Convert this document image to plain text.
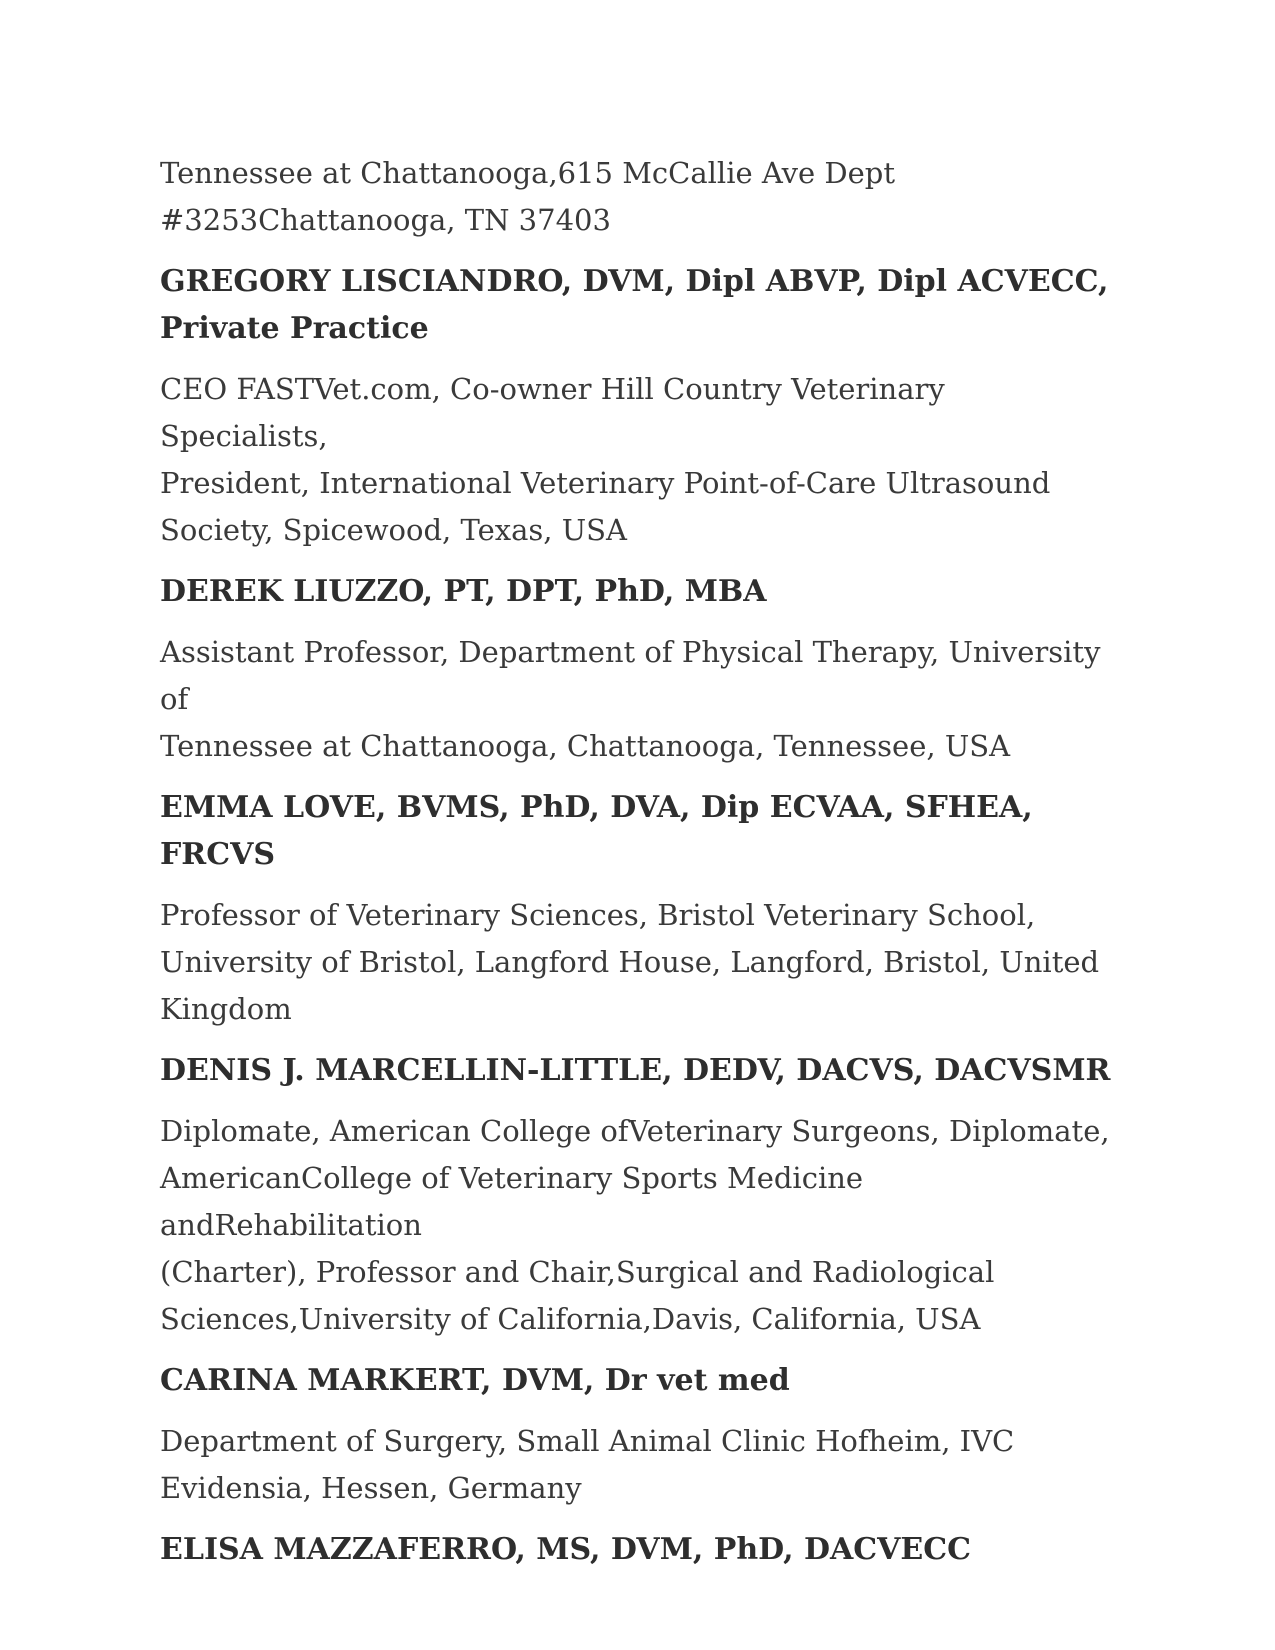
Tennessee at Chattanooga,615 McCallie Ave Dept
#3253Chattanooga, TN 37403

GREGORY LISCIANDRO, DVM, Dipl ABVP, Dipl ACVECC,
Private Practice

CEO FASTVet.com, Co-owner Hill Country Veterinary Specialists,
President, International Veterinary Point-of-Care Ultrasound
Society, Spicewood, Texas, USA

DEREK LIUZZO, PT, DPT, PhD, MBA

Assistant Professor, Department of Physical Therapy, University of
Tennessee at Chattanooga, Chattanooga, Tennessee, USA

EMMA LOVE, BVMS, PhD, DVA, Dip ECVAA, SFHEA,
FRCVS

Professor of Veterinary Sciences, Bristol Veterinary School,
University of Bristol, Langford House, Langford, Bristol, United
Kingdom

DENIS J. MARCELLIN-LITTLE, DEDV, DACVS, DACVSMR

Diplomate, American College ofVeterinary Surgeons, Diplomate,
AmericanCollege of Veterinary Sports Medicine andRehabilitation
(Charter), Professor and Chair,Surgical and Radiological
Sciences,University of California,Davis, California, USA

CARINA MARKERT, DVM, Dr vet med

Department of Surgery, Small Animal Clinic Hofheim, IVC
Evidensia, Hessen, Germany

ELISA MAZZAFERRO, MS, DVM, PhD, DACVECC
